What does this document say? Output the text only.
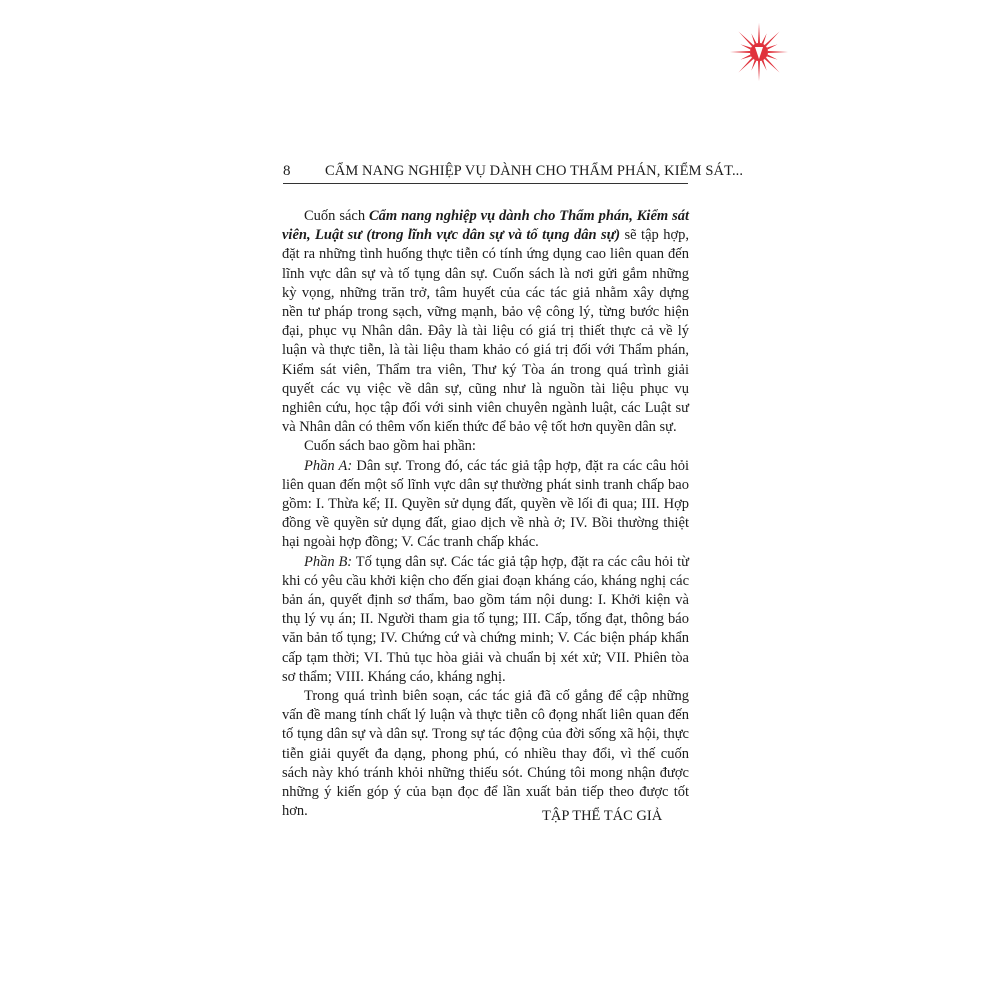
8 CẨM NANG NGHIỆP VỤ DÀNH CHO THẨM PHÁN, KIỂM SÁT...

Cuốn sách Cẩm nang nghiệp vụ dành cho Thẩm phán, Kiểm sát viên, Luật sư (trong lĩnh vực dân sự và tố tụng dân sự) sẽ tập hợp, đặt ra những tình huống thực tiễn có tính ứng dụng cao liên quan đến lĩnh vực dân sự và tố tụng dân sự. Cuốn sách là nơi gửi gắm những kỳ vọng, những trăn trở, tâm huyết của các tác giả nhằm xây dựng nền tư pháp trong sạch, vững mạnh, bảo vệ công lý, từng bước hiện đại, phục vụ Nhân dân. Đây là tài liệu có giá trị thiết thực cả về lý luận và thực tiễn, là tài liệu tham khảo có giá trị đối với Thẩm phán, Kiểm sát viên, Thẩm tra viên, Thư ký Tòa án trong quá trình giải quyết các vụ việc về dân sự, cũng như là nguồn tài liệu phục vụ nghiên cứu, học tập đối với sinh viên chuyên ngành luật, các Luật sư và Nhân dân có thêm vốn kiến thức để bảo vệ tốt hơn quyền dân sự.

Cuốn sách bao gồm hai phần:

Phần A: Dân sự. Trong đó, các tác giả tập hợp, đặt ra các câu hỏi liên quan đến một số lĩnh vực dân sự thường phát sinh tranh chấp bao gồm: I. Thừa kế; II. Quyền sử dụng đất, quyền về lối đi qua; III. Hợp đồng về quyền sử dụng đất, giao dịch về nhà ở; IV. Bồi thường thiệt hại ngoài hợp đồng; V. Các tranh chấp khác.

Phần B: Tố tụng dân sự. Các tác giả tập hợp, đặt ra các câu hỏi từ khi có yêu cầu khởi kiện cho đến giai đoạn kháng cáo, kháng nghị các bản án, quyết định sơ thẩm, bao gồm tám nội dung: I. Khởi kiện và thụ lý vụ án; II. Người tham gia tố tụng; III. Cấp, tống đạt, thông báo văn bản tố tụng; IV. Chứng cứ và chứng minh; V. Các biện pháp khẩn cấp tạm thời; VI. Thủ tục hòa giải và chuẩn bị xét xử; VII. Phiên tòa sơ thẩm; VIII. Kháng cáo, kháng nghị.

Trong quá trình biên soạn, các tác giả đã cố gắng để cập những vấn đề mang tính chất lý luận và thực tiễn cô đọng nhất liên quan đến tố tụng dân sự và dân sự. Trong sự tác động của đời sống xã hội, thực tiễn giải quyết đa dạng, phong phú, có nhiều thay đổi, vì thế cuốn sách này khó tránh khỏi những thiếu sót. Chúng tôi mong nhận được những ý kiến góp ý của bạn đọc để lần xuất bản tiếp theo được tốt hơn.	TẬP THỂ TÁC GIẢ
